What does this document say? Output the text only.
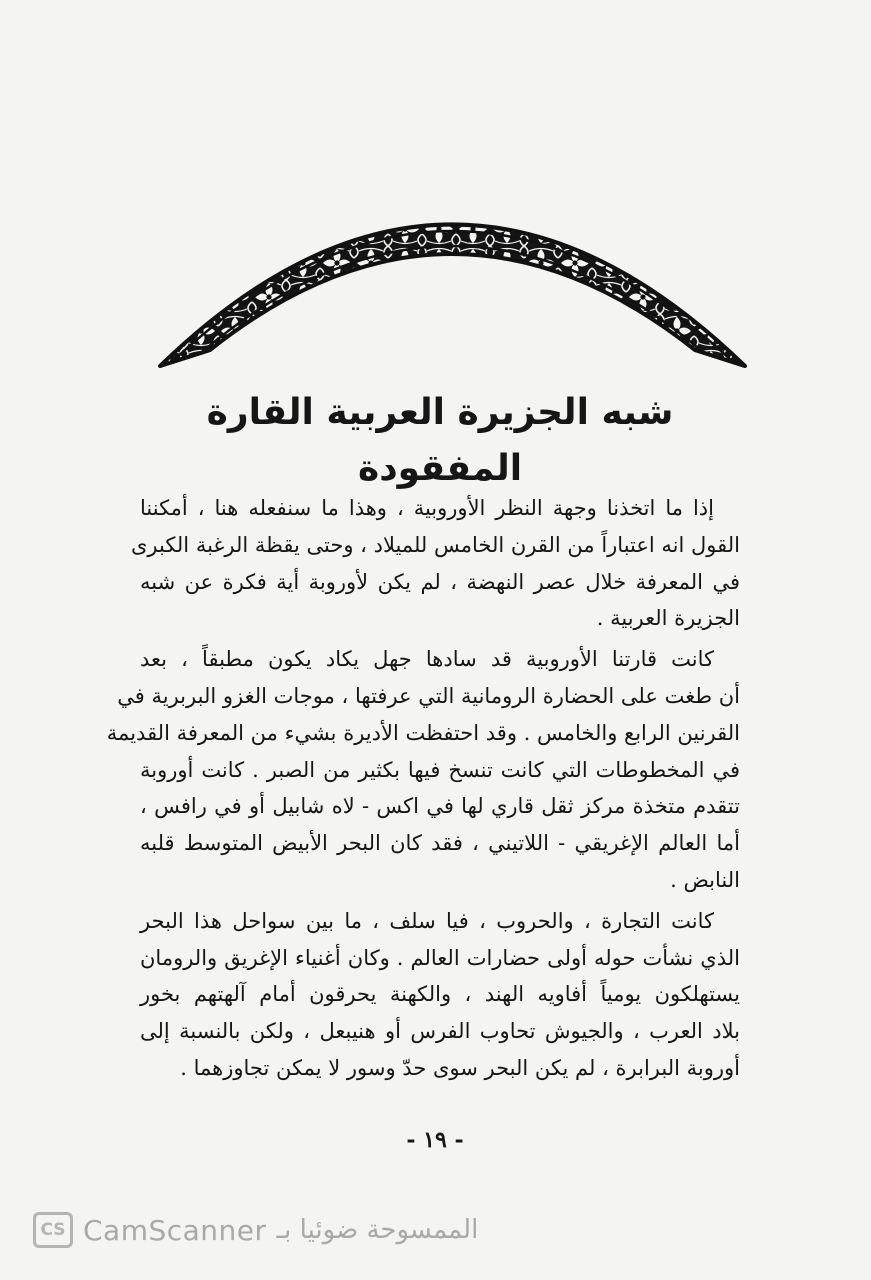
شبه الجزيرة العربية القارة المفقودة
إذا ما اتخذنا وجهة النظر الأوروبية ، وهذا ما سنفعله هنا ، أمكننا
القول انه اعتباراً من القرن الخامس للميلاد ، وحتى يقظة الرغبة الكبرى
في المعرفة خلال عصر النهضة ، لم يكن لأوروبة أية فكرة عن شبه
الجزيرة العربية .
كانت قارتنا الأوروبية قد سادها جهل يكاد يكون مطبقاً ، بعد
أن طغت على الحضارة الرومانية التي عرفتها ، موجات الغزو البربرية في
القرنين الرابع والخامس . وقد احتفظت الأديرة بشيء من المعرفة القديمة
في المخطوطات التي كانت تنسخ فيها بكثير من الصبر . كانت أوروبة
تتقدم متخذة مركز ثقل قاري لها في اكس - لاه شابيل أو في رافس ،
أما العالم الإغريقي - اللاتيني ، فقد كان البحر الأبيض المتوسط قلبه
النابض .
كانت التجارة ، والحروب ، فيا سلف ، ما بين سواحل هذا البحر
الذي نشأت حوله أولى حضارات العالم . وكان أغنياء الإغريق والرومان
يستهلكون يومياً أفاويه الهند ، والكهنة يحرقون أمام آلهتهم بخور
بلاد العرب ، والجيوش تحاوب الفرس أو هنيبعل ، ولكن بالنسبة إلى
أوروبة البرابرة ، لم يكن البحر سوى حدّ وسور لا يمكن تجاوزهما .
- ١٩ -
CS CamScanner الممسوحة ضوئيا بـ
